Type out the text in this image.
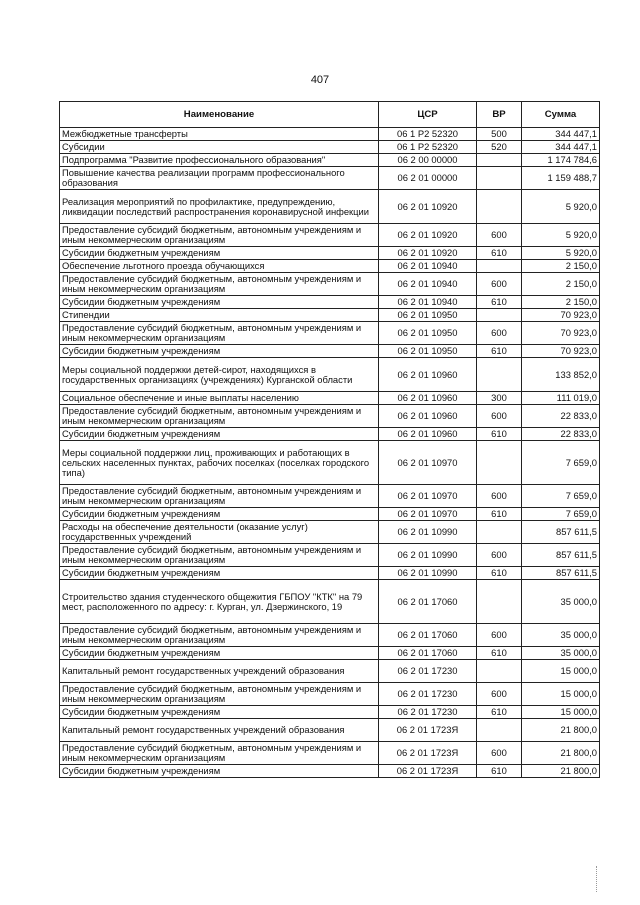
407
Наименование	ЦСР	ВР	Сумма
Межбюджетные трансферты	06 1 P2 52320	500	344 447,1
Субсидии	06 1 P2 52320	520	344 447,1
Подпрограмма "Развитие профессионального образования"	06 2 00 00000		1 174 784,6
Повышение качества реализации программ профессионального образования	06 2 01 00000		1 159 488,7
Реализация мероприятий по профилактике, предупреждению, ликвидации последствий распространения коронавирусной инфекции	06 2 01 10920		5 920,0
Предоставление субсидий бюджетным, автономным учреждениям и иным некоммерческим организациям	06 2 01 10920	600	5 920,0
Субсидии бюджетным учреждениям	06 2 01 10920	610	5 920,0
Обеспечение льготного проезда обучающихся	06 2 01 10940		2 150,0
Предоставление субсидий бюджетным, автономным учреждениям и иным некоммерческим организациям	06 2 01 10940	600	2 150,0
Субсидии бюджетным учреждениям	06 2 01 10940	610	2 150,0
Стипендии	06 2 01 10950		70 923,0
Предоставление субсидий бюджетным, автономным учреждениям и иным некоммерческим организациям	06 2 01 10950	600	70 923,0
Субсидии бюджетным учреждениям	06 2 01 10950	610	70 923,0
Меры социальной поддержки детей-сирот, находящихся в государственных организациях (учреждениях) Курганской области	06 2 01 10960		133 852,0
Социальное обеспечение и иные выплаты населению	06 2 01 10960	300	111 019,0
Предоставление субсидий бюджетным, автономным учреждениям и иным некоммерческим организациям	06 2 01 10960	600	22 833,0
Субсидии бюджетным учреждениям	06 2 01 10960	610	22 833,0
Меры социальной поддержки лиц, проживающих и работающих в сельских населенных пунктах, рабочих поселках (поселках городского типа)	06 2 01 10970		7 659,0
Предоставление субсидий бюджетным, автономным учреждениям и иным некоммерческим организациям	06 2 01 10970	600	7 659,0
Субсидии бюджетным учреждениям	06 2 01 10970	610	7 659,0
Расходы на обеспечение деятельности (оказание услуг) государственных учреждений	06 2 01 10990		857 611,5
Предоставление субсидий бюджетным, автономным учреждениям и иным некоммерческим организациям	06 2 01 10990	600	857 611,5
Субсидии бюджетным учреждениям	06 2 01 10990	610	857 611,5
Строительство здания студенческого общежития ГБПОУ "КТК" на 79 мест, расположенного по адресу: г. Курган, ул. Дзержинского, 19	06 2 01 17060		35 000,0
Предоставление субсидий бюджетным, автономным учреждениям и иным некоммерческим организациям	06 2 01 17060	600	35 000,0
Субсидии бюджетным учреждениям	06 2 01 17060	610	35 000,0
Капитальный ремонт государственных учреждений образования	06 2 01 17230		15 000,0
Предоставление субсидий бюджетным, автономным учреждениям и иным некоммерческим организациям	06 2 01 17230	600	15 000,0
Субсидии бюджетным учреждениям	06 2 01 17230	610	15 000,0
Капитальный ремонт государственных учреждений образования	06 2 01 1723Я		21 800,0
Предоставление субсидий бюджетным, автономным учреждениям и иным некоммерческим организациям	06 2 01 1723Я	600	21 800,0
Субсидии бюджетным учреждениям	06 2 01 1723Я	610	21 800,0
